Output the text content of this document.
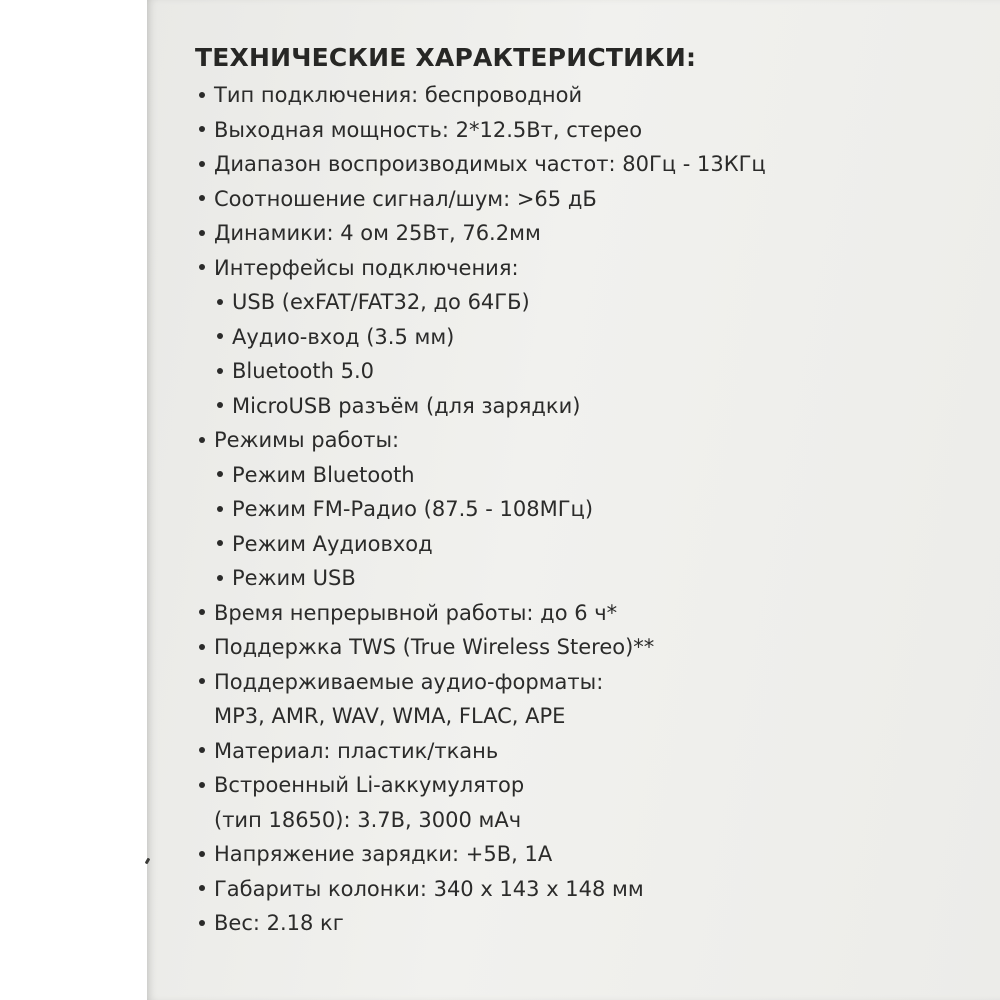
ТЕХНИЧЕСКИЕ ХАРАКТЕРИСТИКИ:
Тип подключения: беспроводной
Выходная мощность: 2*12.5Вт, стерео
Диапазон воспроизводимых частот: 80Гц - 13КГц
Соотношение сигнал/шум: >65 дБ
Динамики: 4 ом 25Вт, 76.2мм
Интерфейсы подключения:
USB (exFAT/FAT32, до 64ГБ)
Аудио-вход (3.5 мм)
Bluetooth 5.0
MicroUSB разъём (для зарядки)
Режимы работы:
Режим Bluetooth
Режим FM-Радио (87.5 - 108МГц)
Режим Аудиовход
Режим USB
Время непрерывной работы: до 6 ч*
Поддержка TWS (True Wireless Stereo)**
Поддерживаемые аудио-форматы:
MP3, AMR, WAV, WMA, FLAC, APE
Материал: пластик/ткань
Встроенный Li-аккумулятор
(тип 18650): 3.7В, 3000 мАч
Напряжение зарядки: +5В, 1А
Габариты колонки: 340 х 143 х 148 мм
Вес: 2.18 кг
